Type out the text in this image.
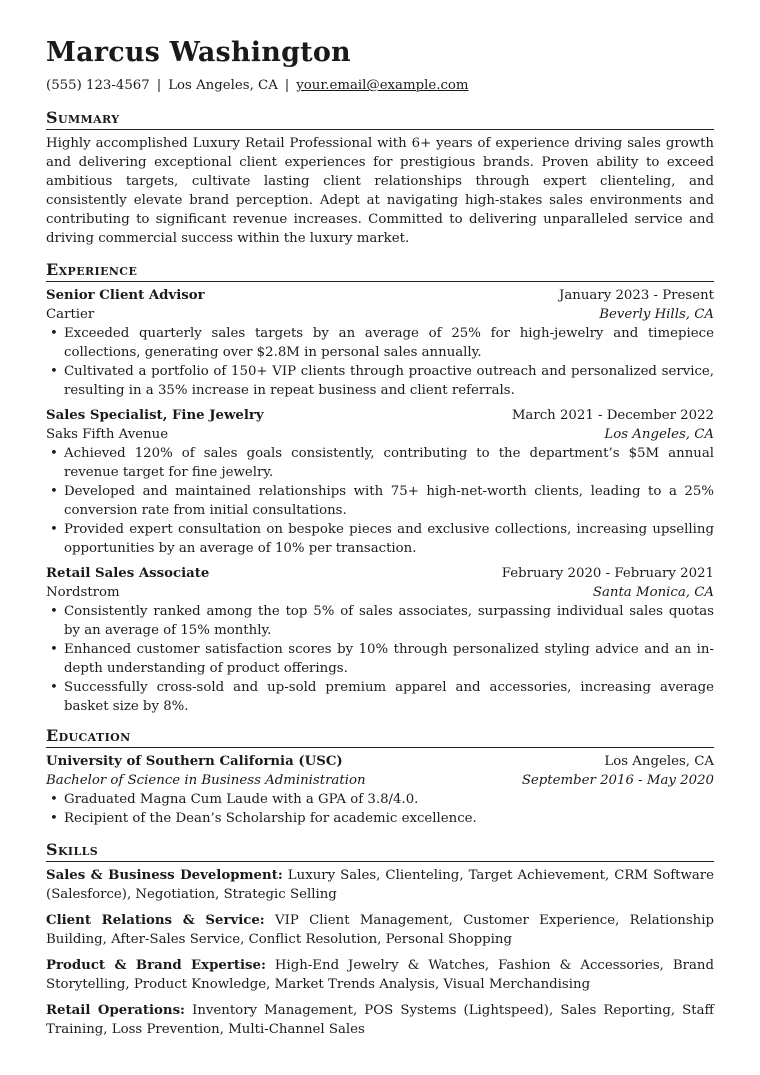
Marcus Washington
(555) 123-4567 | Los Angeles, CA | your.email@example.com
Summary
Highly accomplished Luxury Retail Professional with 6+ years of experience driving sales growth and delivering exceptional client experiences for prestigious brands. Proven ability to exceed ambitious targets, cultivate lasting client relationships through expert clienteling, and consistently elevate brand perception. Adept at navigating high-stakes sales environments and contributing to significant revenue increases. Committed to delivering unparalleled service and driving commercial success within the luxury market.
Experience
Senior Client Advisor	January 2023 - Present
Cartier	Beverly Hills, CA
• Exceeded quarterly sales targets by an average of 25% for high-jewelry and timepiece collections, generating over $2.8M in personal sales annually.
• Cultivated a portfolio of 150+ VIP clients through proactive outreach and personalized service, resulting in a 35% increase in repeat business and client referrals.
Sales Specialist, Fine Jewelry	March 2021 - December 2022
Saks Fifth Avenue	Los Angeles, CA
• Achieved 120% of sales goals consistently, contributing to the department’s $5M annual revenue target for fine jewelry.
• Developed and maintained relationships with 75+ high-net-worth clients, leading to a 25% conversion rate from initial consultations.
• Provided expert consultation on bespoke pieces and exclusive collections, increasing upselling opportunities by an average of 10% per transaction.
Retail Sales Associate	February 2020 - February 2021
Nordstrom	Santa Monica, CA
• Consistently ranked among the top 5% of sales associates, surpassing individual sales quotas by an average of 15% monthly.
• Enhanced customer satisfaction scores by 10% through personalized styling advice and an in-depth understanding of product offerings.
• Successfully cross-sold and up-sold premium apparel and accessories, increasing average basket size by 8%.
Education
University of Southern California (USC)	Los Angeles, CA
Bachelor of Science in Business Administration	September 2016 - May 2020
• Graduated Magna Cum Laude with a GPA of 3.8/4.0.
• Recipient of the Dean’s Scholarship for academic excellence.
Skills
Sales & Business Development: Luxury Sales, Clienteling, Target Achievement, CRM Software (Salesforce), Negotiation, Strategic Selling
Client Relations & Service: VIP Client Management, Customer Experience, Relationship Building, After-Sales Service, Conflict Resolution, Personal Shopping
Product & Brand Expertise: High-End Jewelry & Watches, Fashion & Accessories, Brand Storytelling, Product Knowledge, Market Trends Analysis, Visual Merchandising
Retail Operations: Inventory Management, POS Systems (Lightspeed), Sales Reporting, Staff Training, Loss Prevention, Multi-Channel Sales
